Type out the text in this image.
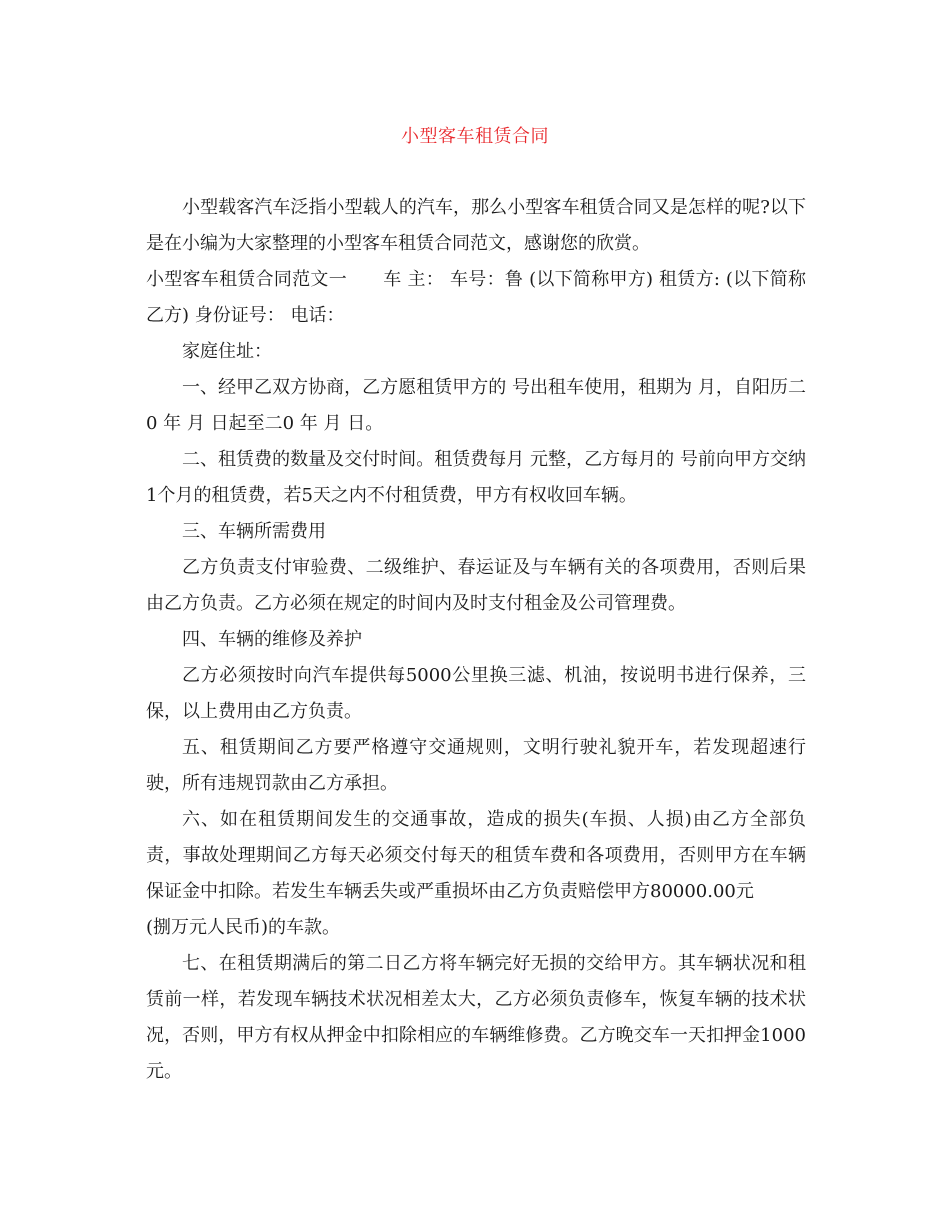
小型客车租赁合同

小型载客汽车泛指小型载人的汽车，那么小型客车租赁合同又是怎样的呢?以下是在小编为大家整理的小型客车租赁合同范文，感谢您的欣赏。

小型客车租赁合同范文一 车 主： 车号：鲁 (以下简称甲方) 租赁方: (以下简称乙方) 身份证号： 电话：

家庭住址：

一、经甲乙双方协商，乙方愿租赁甲方的 号出租车使用，租期为 月，自阳历二0 年 月 日起至二0 年 月 日。

二、租赁费的数量及交付时间。租赁费每月 元整，乙方每月的 号前向甲方交纳1个月的租赁费，若5天之内不付租赁费，甲方有权收回车辆。

三、车辆所需费用

乙方负责支付审验费、二级维护、春运证及与车辆有关的各项费用，否则后果由乙方负责。乙方必须在规定的时间内及时支付租金及公司管理费。

四、车辆的维修及养护

乙方必须按时向汽车提供每5000公里换三滤、机油，按说明书进行保养，三保，以上费用由乙方负责。

五、租赁期间乙方要严格遵守交通规则，文明行驶礼貌开车，若发现超速行驶，所有违规罚款由乙方承担。

六、如在租赁期间发生的交通事故，造成的损失(车损、人损)由乙方全部负责，事故处理期间乙方每天必须交付每天的租赁车费和各项费用，否则甲方在车辆保证金中扣除。若发生车辆丢失或严重损坏由乙方负责赔偿甲方80000.00元

(捌万元人民币)的车款。

七、在租赁期满后的第二日乙方将车辆完好无损的交给甲方。其车辆状况和租赁前一样，若发现车辆技术状况相差太大，乙方必须负责修车，恢复车辆的技术状况，否则，甲方有权从押金中扣除相应的车辆维修费。乙方晚交车一天扣押金1000元。
